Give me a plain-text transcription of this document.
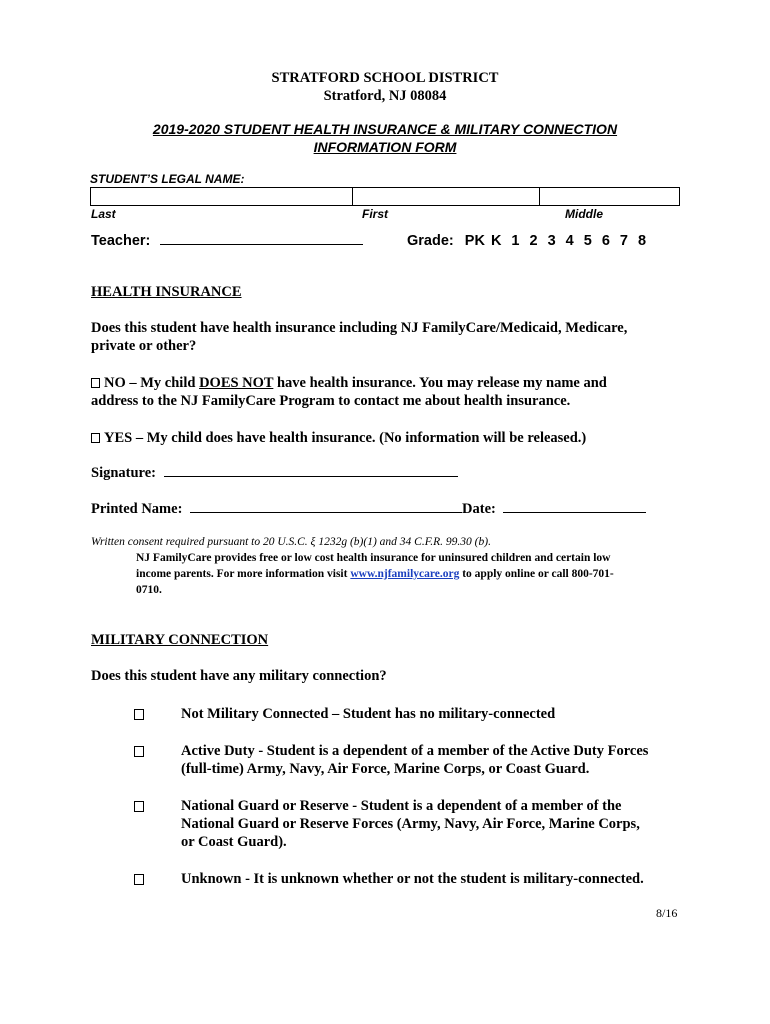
STRATFORD SCHOOL DISTRICT
Stratford, NJ 08084
2019-2020 STUDENT HEALTH INSURANCE & MILITARY CONNECTION
INFORMATION FORM
STUDENT’S LEGAL NAME:
Last	First	Middle
Teacher:	Grade: PK K 1 2 3 4 5 6 7 8
HEALTH INSURANCE
Does this student have health insurance including NJ FamilyCare/Medicaid, Medicare,
private or other?
NO – My child DOES NOT have health insurance. You may release my name and
address to the NJ FamilyCare Program to contact me about health insurance.
YES – My child does have health insurance. (No information will be released.)
Signature:
Printed Name:	Date:
Written consent required pursuant to 20 U.S.C. ξ 1232g (b)(1) and 34 C.F.R. 99.30 (b).
NJ FamilyCare provides free or low cost health insurance for uninsured children and certain low
income parents. For more information visit www.njfamilycare.org to apply online or call 800-701-
0710.
MILITARY CONNECTION
Does this student have any military connection?
Not Military Connected – Student has no military-connected
Active Duty - Student is a dependent of a member of the Active Duty Forces
(full-time) Army, Navy, Air Force, Marine Corps, or Coast Guard.
National Guard or Reserve - Student is a dependent of a member of the
National Guard or Reserve Forces (Army, Navy, Air Force, Marine Corps,
or Coast Guard).
Unknown - It is unknown whether or not the student is military-connected.
8/16
